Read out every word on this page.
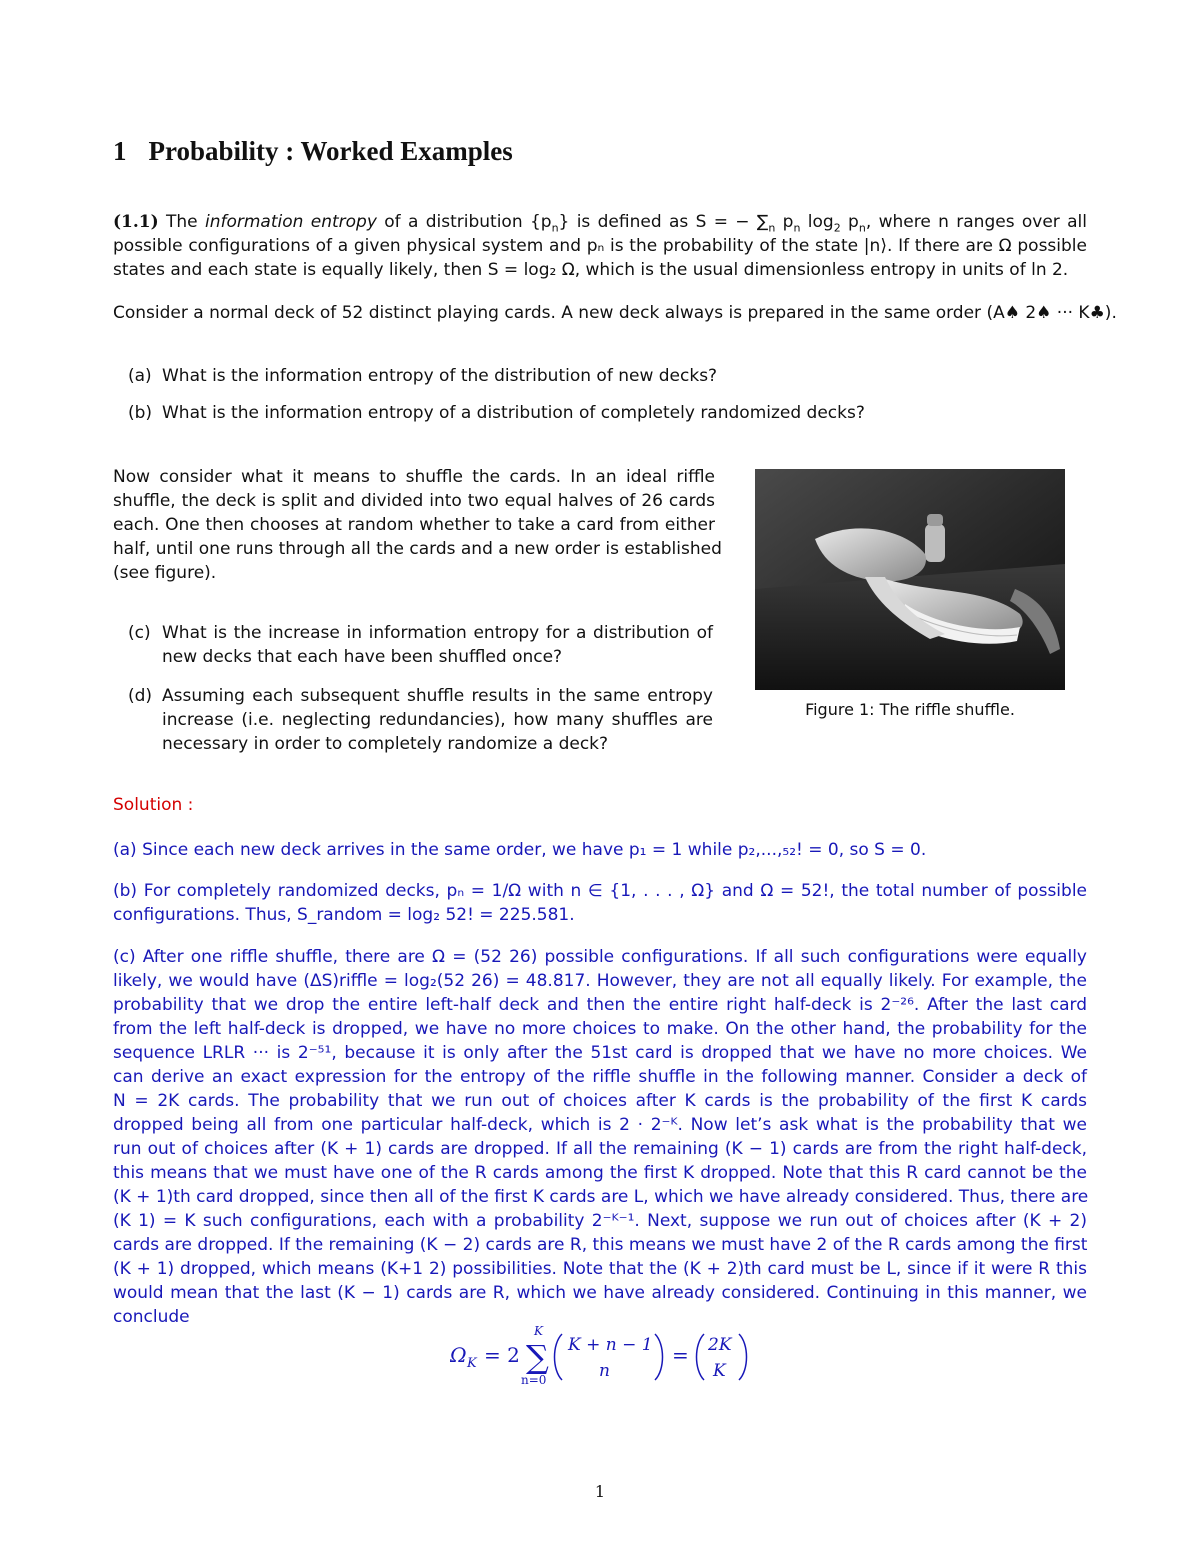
1 Probability : Worked Examples
(1.1) The information entropy of a distribution $\{p_n\}$ is defined as S = − $\sum_n$ $p_n$ $\log_2 p_n$, where n ranges over all
possible configurations of a given physical system and pₙ is the probability of the state |n⟩. If there are Ω possible
states and each state is equally likely, then S = log₂ Ω, which is the usual dimensionless entropy in units of ln 2.
Consider a normal deck of 52 distinct playing cards. A new deck always is prepared in the same order (A♠ 2♠ ··· K♣).
(a) What is the information entropy of the distribution of new decks?
(b) What is the information entropy of a distribution of completely randomized decks?
Now consider what it means to shuffle the cards. In an ideal riffle
shuffle, the deck is split and divided into two equal halves of 26 cards
each. One then chooses at random whether to take a card from either
half, until one runs through all the cards and a new order is established
(see figure).
(c) What is the increase in information entropy for a distribution of
new decks that each have been shuffled once?
(d) Assuming each subsequent shuffle results in the same entropy
increase (i.e. neglecting redundancies), how many shuffles are
necessary in order to completely randomize a deck?
Figure 1: The riffle shuffle.
Solution :
(a) Since each new deck arrives in the same order, we have p₁ = 1 while p₂,...,₅₂! = 0, so S = 0.
(b) For completely randomized decks, pₙ = 1/Ω with n ∈ {1, . . . , Ω} and Ω = 52!, the total number of possible
configurations. Thus, S_random = log₂ 52! = 225.581.
(c) After one riffle shuffle, there are Ω = (52 26) possible configurations. If all such configurations were equally
likely, we would have (ΔS)riffle = log₂(52 26) = 48.817. However, they are not all equally likely. For example, the
probability that we drop the entire left-half deck and then the entire right half-deck is 2⁻²⁶. After the last card
from the left half-deck is dropped, we have no more choices to make. On the other hand, the probability for the
sequence LRLR ··· is 2⁻⁵¹, because it is only after the 51st card is dropped that we have no more choices. We
can derive an exact expression for the entropy of the riffle shuffle in the following manner. Consider a deck of
N = 2K cards. The probability that we run out of choices after K cards is the probability of the first K cards
dropped being all from one particular half-deck, which is 2 · 2⁻ᴷ. Now let’s ask what is the probability that we
run out of choices after (K + 1) cards are dropped. If all the remaining (K − 1) cards are from the right half-deck,
this means that we must have one of the R cards among the first K dropped. Note that this R card cannot be the
(K + 1)th card dropped, since then all of the first K cards are L, which we have already considered. Thus, there are
(K 1) = K such configurations, each with a probability 2⁻ᴷ⁻¹. Next, suppose we run out of choices after (K + 2)
cards are dropped. If the remaining (K − 2) cards are R, this means we must have 2 of the R cards among the first
(K + 1) dropped, which means (K+1 2) possibilities. Note that the (K + 2)th card must be L, since if it were R this
would mean that the last (K − 1) cards are R, which we have already considered. Continuing in this manner, we
conclude
Ω K = 2
K
∑
n=0
K + n − 1
n
= 2K
K
1
